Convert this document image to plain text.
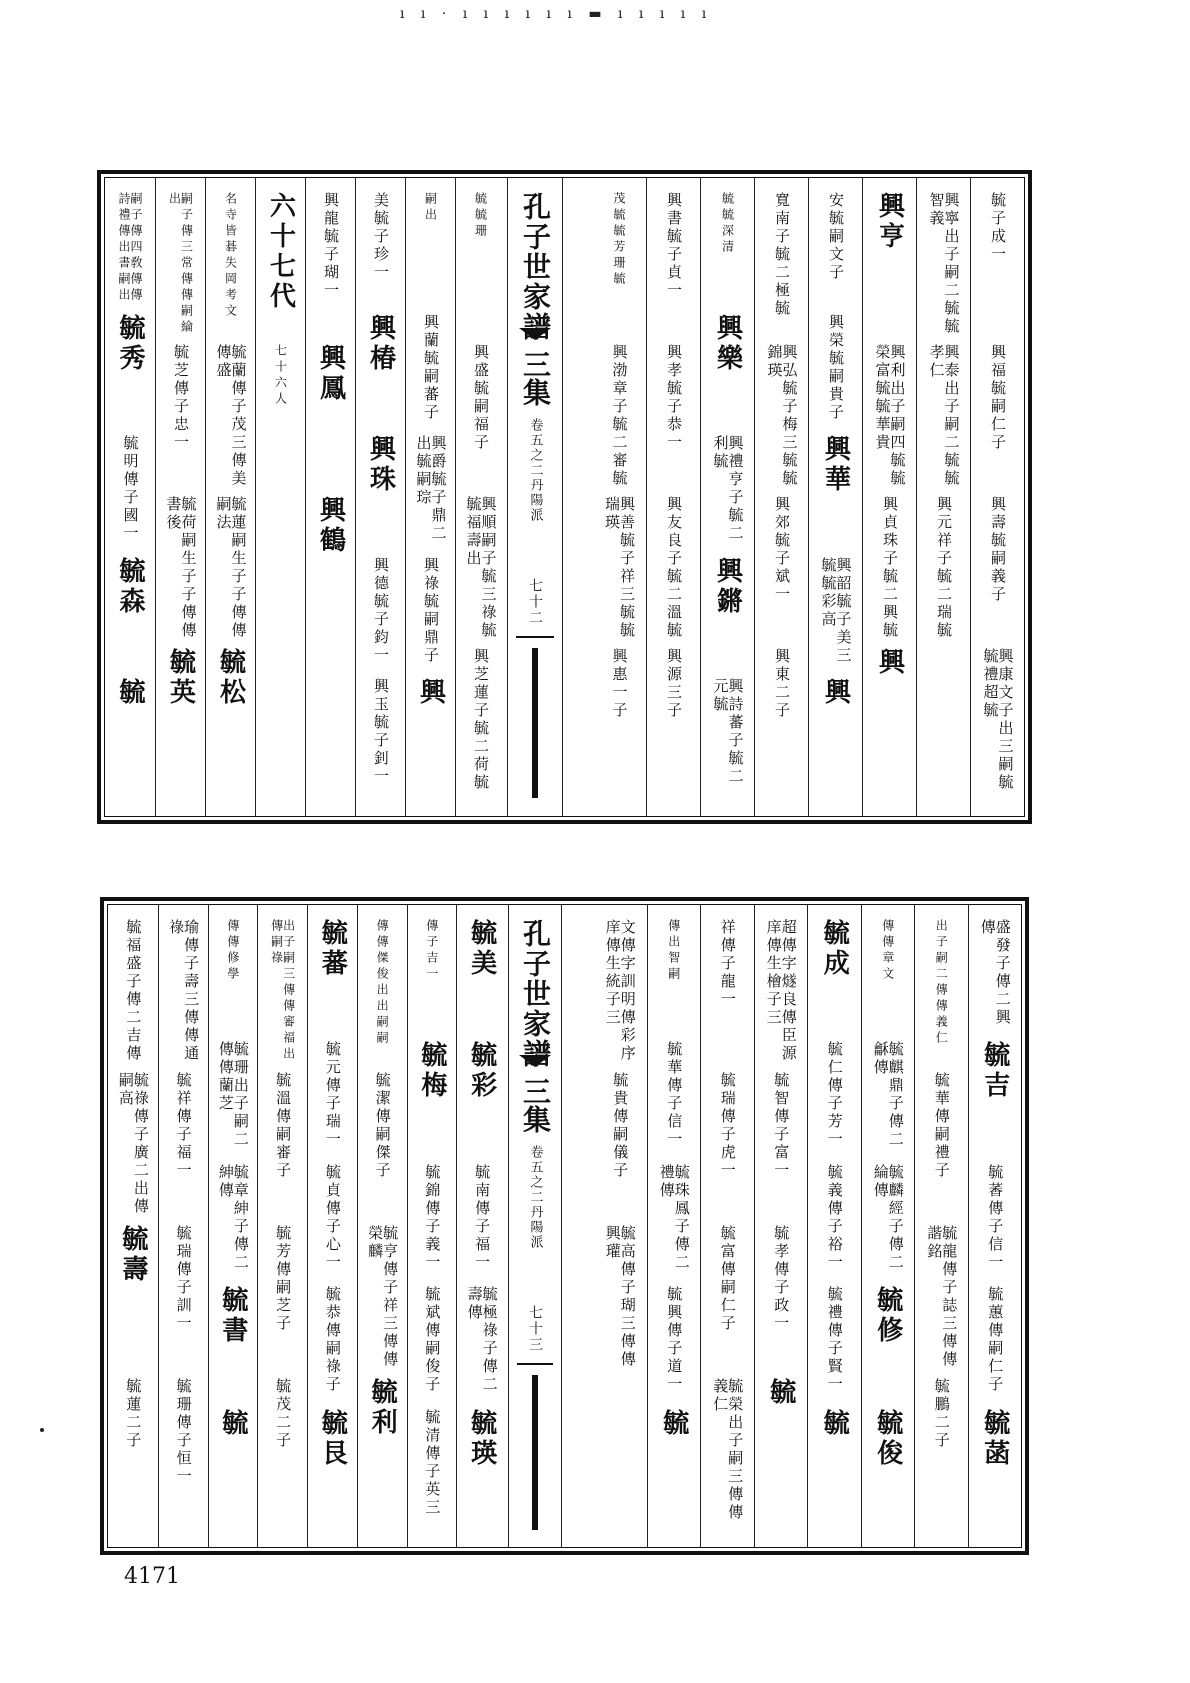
ı ı · ı ı ı ı ı ı ▬ ı ı ı ı ı
毓子成一
興福毓嗣仁子
興壽毓嗣義子
興康文子出三嗣毓毓禮超毓
興寧出子嗣二毓毓智義
興泰出子嗣二毓毓孝仁
興元祥子毓二瑞毓
興亨
興利出子嗣四毓毓榮富毓毓華貴
興貞珠子毓二興毓
興
安毓嗣文子
興榮毓嗣貴子
興華
興韶毓子美三毓毓彩高
興
寬南子毓二極毓
興弘毓子梅三毓毓錦瑛
興郊毓子斌一
興東二子
毓毓深清
興樂
興禮亨子毓二利毓
興鏘
興詩蕃子毓二元毓
興書毓子貞一
興孝毓子恭一
興友良子毓二溫毓
興源三子
茂毓毓芳珊毓
興渤章子毓二審毓
興善毓子祥三毓毓瑞瑛
興惠一子
孔子世家譜
三集
卷五之二丹陽派
七十二
毓毓珊
興盛毓嗣福子
興順嗣子毓三祿毓毓福壽出
興芝蓮子毓二荷毓
嗣出
興蘭毓嗣蕃子
興爵毓子鼎二出毓嗣琮
興祿毓嗣鼎子
興
美毓子珍一
興椿
興珠
興德毓子鈞一
興玉毓子釗一
興龍毓子瑚一
興鳳
興鶴
六十七代
七十六人
名寺皆碁失岡考文
毓蘭傳子茂三傳美傳盛
毓蓮嗣生子子傳傳嗣法
毓松
嗣子傳三常傳傳嗣綸出
毓芝傳子忠一
毓荷嗣生子子傳傳書後
毓英
嗣子傳四敎傳傳詩禮傳出書嗣出
毓秀
毓明傳子國一
毓森
毓
盛發子傳二興傳
毓吉
毓萫傳子信一
毓蕙傳嗣仁子
毓菡
出子嗣二傳傳義仁
毓華傳嗣禮子
毓龍傳子誌三傳傳諧銘
毓鵬二子
傳傳章文
毓麒鼎子傳二龢傳
毓麟經子傳二綸傳
毓修
毓俊
毓成
毓仁傳子芳一
毓義傳子裕一
毓禮傳子賢一
毓
超傳字燧良傳臣源庠傳生檜子三
毓智傳子富一
毓孝傳子政一
毓
祥傳子龍一
毓瑞傳子虎一
毓富傳嗣仁子
毓榮出子嗣三傳傳義仁
傳出智嗣
毓華傳子信一
毓珠鳳子傳二禮傳
毓興傳子道一
毓
文傳字訓明傳彩序庠傳生統子三
毓貴傳嗣儀子
毓高傳子瑚三傳傳興瓘
孔子世家譜
三集
卷五之二丹陽派
七十三
毓美
毓彩
毓南傳子福一
毓極祿子傳二壽傳
毓瑛
傳子吉一
毓梅
毓錦傳子義一
毓斌傳嗣俊子
毓清傳子英三
傳傳傑俊出出嗣嗣
毓潔傳嗣傑子
毓亨傳子祥三傳傳榮麟
毓利
毓蕃
毓元傳子瑞一
毓貞傳子心一
毓恭傳嗣祿子
毓艮
出子嗣三傳傳審福出傳嗣祿
毓溫傳嗣審子
毓芳傳嗣芝子
毓茂二子
傳傳修學
毓珊出子嗣二傳傳蘭芝
毓章紳子傳二紳傳
毓書
毓
瑜傳子壽三傳傳通祿
毓祥傳子福一
毓瑞傳子訓一
毓珊傳子恒一
毓福盛子傳二吉傳
毓祿傳子廣二出傳嗣高
毓壽
毓蓮二子
4171
